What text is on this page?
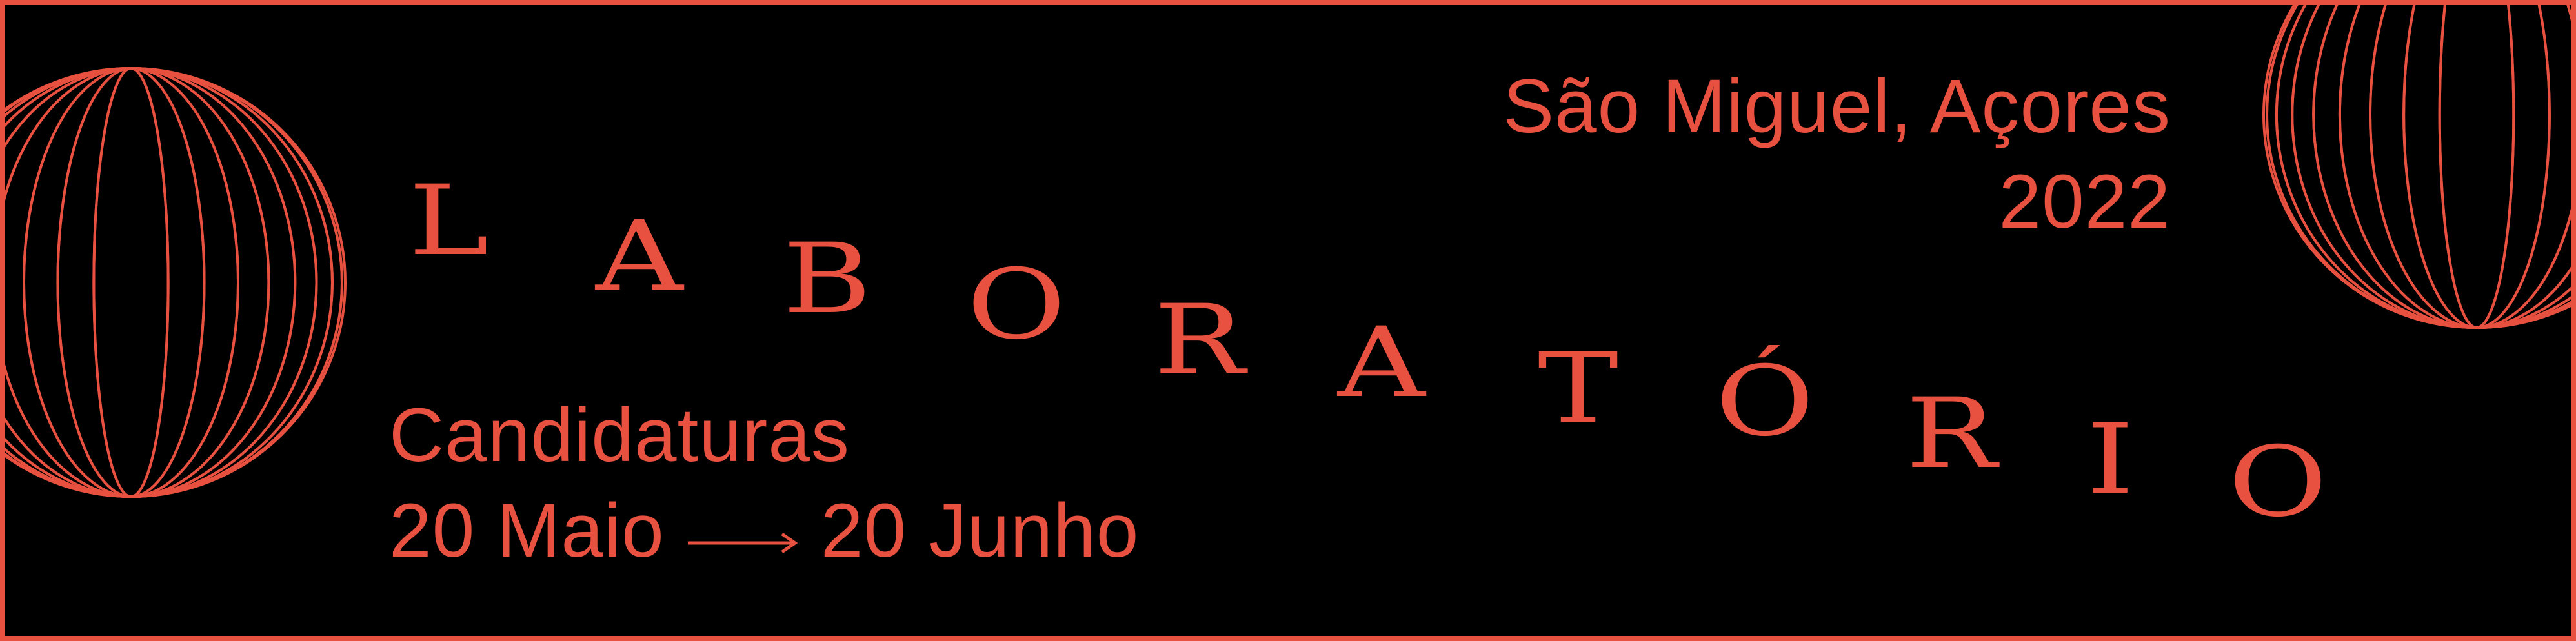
São Miguel, Açores
2022
L A B O R A T Ó R I O
Candidaturas
20 Maio 20 Junho
